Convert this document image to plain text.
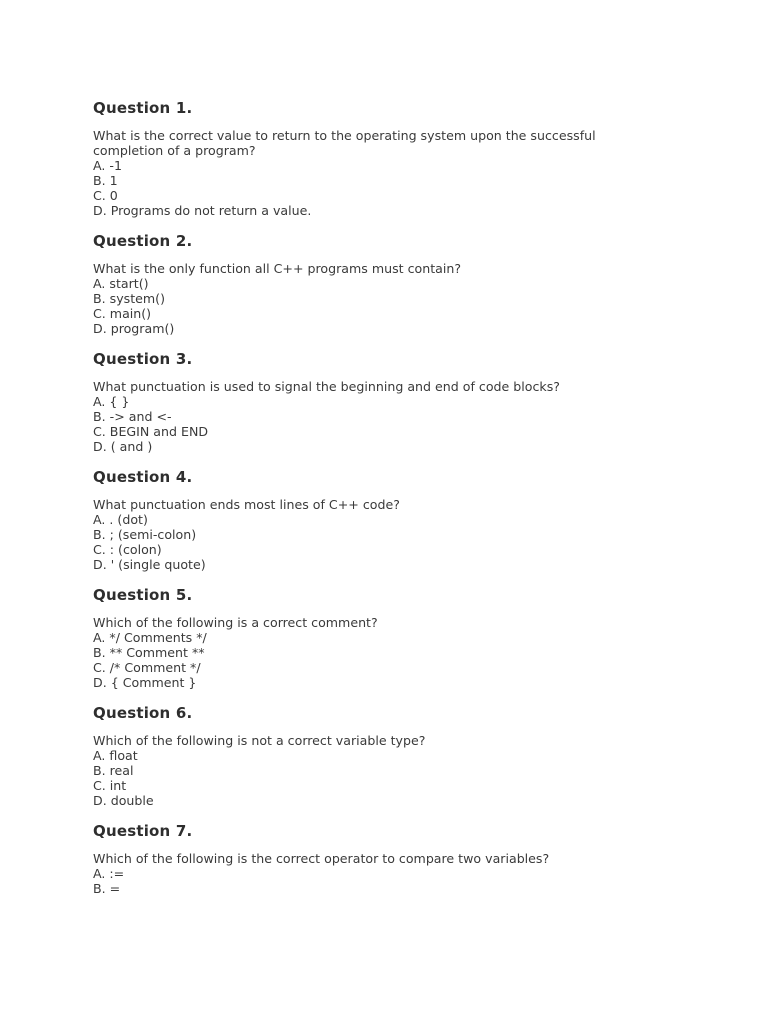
Question 1.
What is the correct value to return to the operating system upon the successful
completion of a program?
A. -1
B. 1
C. 0
D. Programs do not return a value.
Question 2.
What is the only function all C++ programs must contain?
A. start()
B. system()
C. main()
D. program()
Question 3.
What punctuation is used to signal the beginning and end of code blocks?
A. { }
B. -> and <-
C. BEGIN and END
D. ( and )
Question 4.
What punctuation ends most lines of C++ code?
A. . (dot)
B. ; (semi-colon)
C. : (colon)
D. ' (single quote)
Question 5.
Which of the following is a correct comment?
A. */ Comments */
B. ** Comment **
C. /* Comment */
D. { Comment }
Question 6.
Which of the following is not a correct variable type?
A. float
B. real
C. int
D. double
Question 7.
Which of the following is the correct operator to compare two variables?
A. :=
B. =
